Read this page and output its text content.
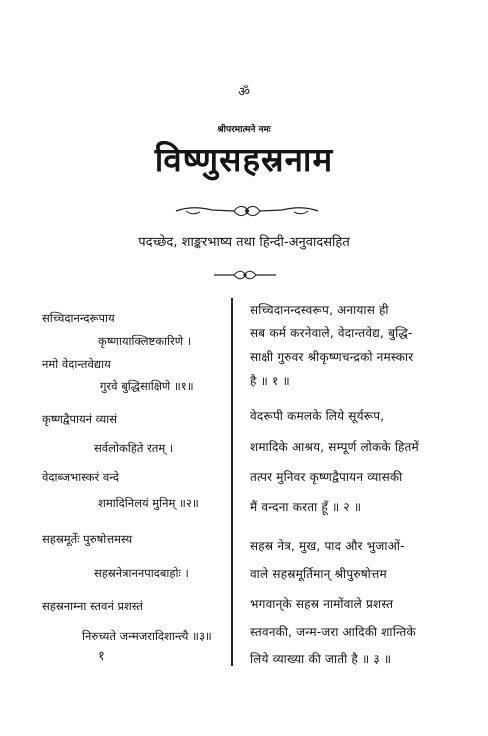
ॐ
श्रीपरमात्मने नमः
विष्णुसहस्रनाम
पदच्छेद, शाङ्करभाष्य तथा हिन्दी-अनुवादसहित
सच्चिदानन्दरूपाय
कृष्णायाक्लिष्टकारिणे ।
नमो वेदान्तवेद्याय
गुरवे बुद्धिसाक्षिणे ॥१॥
कृष्णद्वैपायनं व्यासं
सर्वलोकहिते रतम् ।
वेदाब्जभास्करं वन्दे
शमादिनिलयं मुनिम् ॥२॥
सहस्रमूर्तेः पुरुषोत्तमस्य
सहस्रनेत्राननपादबाहोः ।
सहस्रनाम्ना स्तवनं प्रशस्तं
निरुच्यते जन्मजरादिशान्त्यै ॥३॥
सच्चिदानन्दस्वरूप, अनायास ही
सब कर्म करनेवाले, वेदान्तवेद्य, बुद्धि-
साक्षी गुरुवर श्रीकृष्णचन्द्रको नमस्कार
है ॥ १ ॥
वेदरूपी कमलके लिये सूर्यरूप,
शमादिके आश्रय, सम्पूर्ण लोकके हितमें
तत्पर मुनिवर कृष्णद्वैपायन व्यासकी
मैं वन्दना करता हूँ ॥ २ ॥
सहस्र नेत्र, मुख, पाद और भुजाओं-
वाले सहस्रमूर्तिमान् श्रीपुरुषोत्तम
भगवान्‌के सहस्र नामोंवाले प्रशस्त
स्तवनकी, जन्म-जरा आदिकी शान्तिके
लिये व्याख्या की जाती है ॥ ३ ॥
१
